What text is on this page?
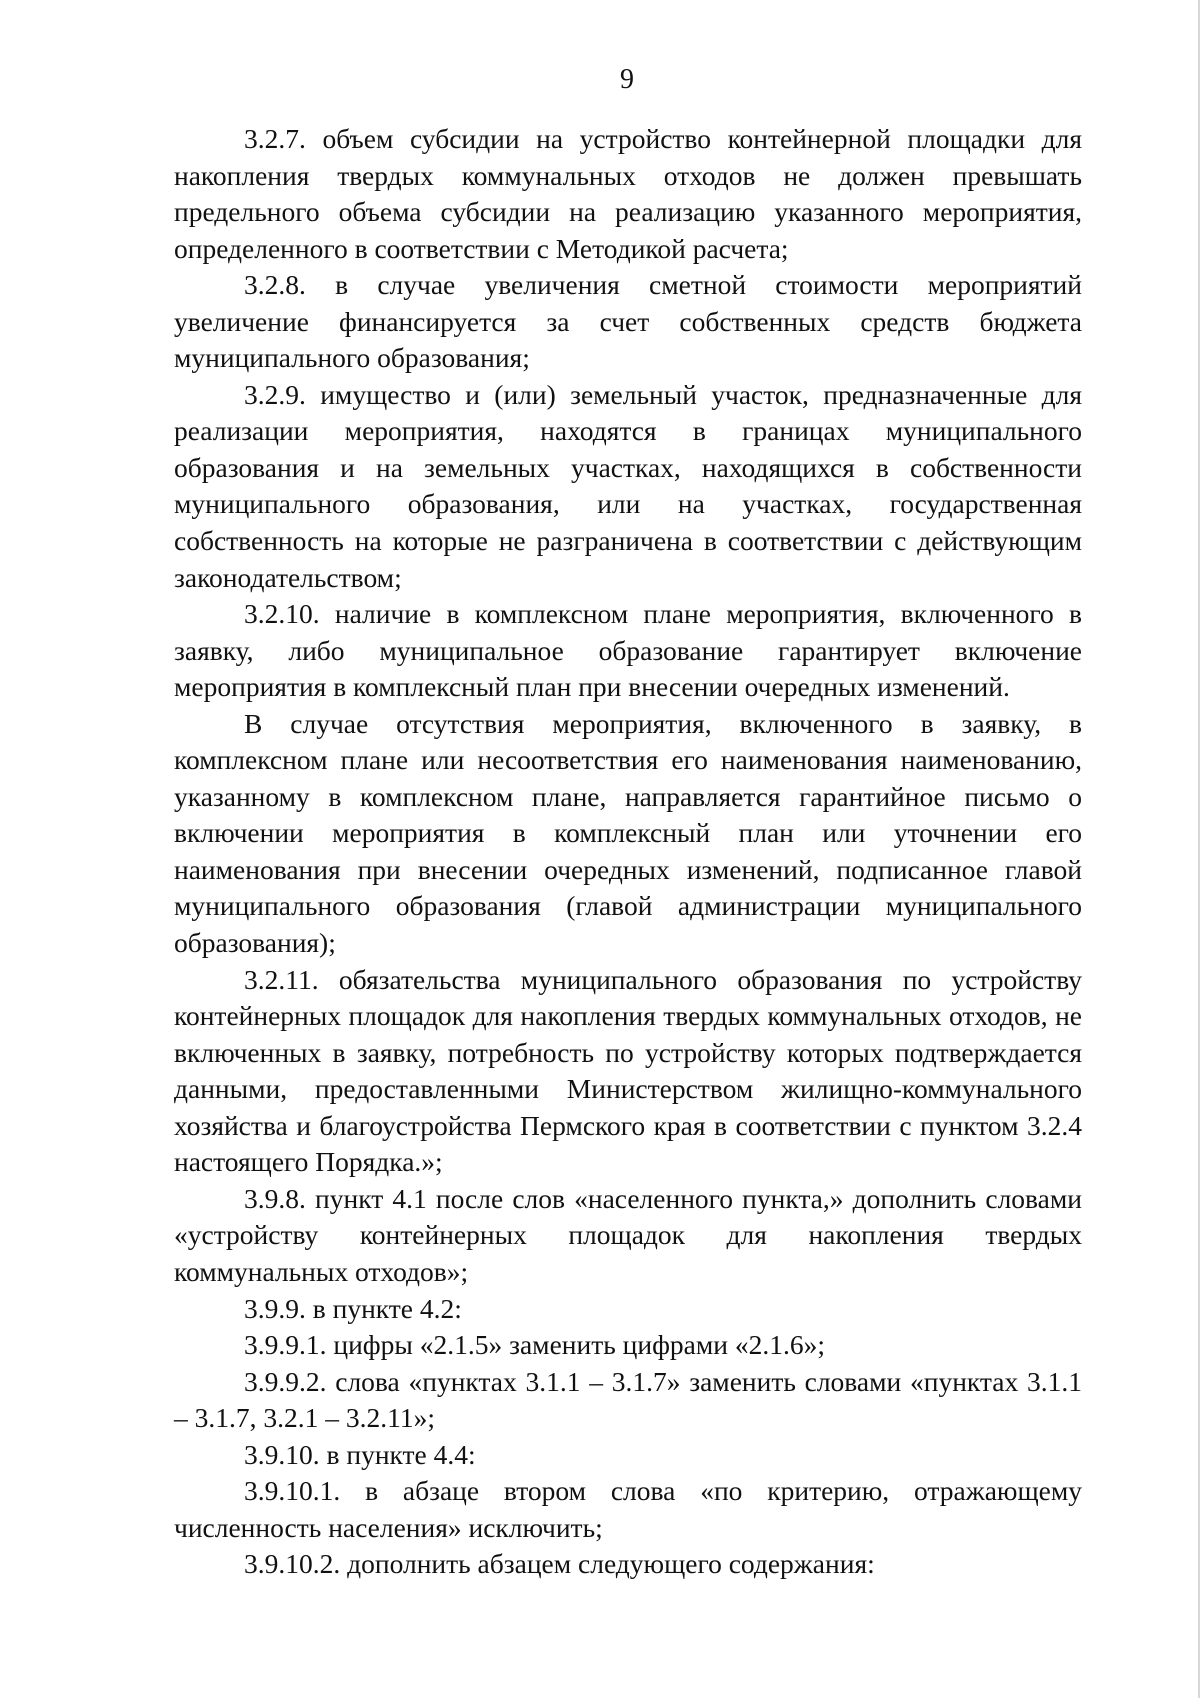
9

3.2.7. объем субсидии на устройство контейнерной площадки для накопления твердых коммунальных отходов не должен превышать предельного объема субсидии на реализацию указанного мероприятия, определенного в соответствии с Методикой расчета;

3.2.8. в случае увеличения сметной стоимости мероприятий увеличение финансируется за счет собственных средств бюджета муниципального образования;

3.2.9. имущество и (или) земельный участок, предназначенные для реализации мероприятия, находятся в границах муниципального образования и на земельных участках, находящихся в собственности муниципального образования, или на участках, государственная собственность на которые не разграничена в соответствии с действующим законодательством;

3.2.10. наличие в комплексном плане мероприятия, включенного в заявку, либо муниципальное образование гарантирует включение мероприятия в комплексный план при внесении очередных изменений.

В случае отсутствия мероприятия, включенного в заявку, в комплексном плане или несоответствия его наименования наименованию, указанному в комплексном плане, направляется гарантийное письмо о включении мероприятия в комплексный план или уточнении его наименования при внесении очередных изменений, подписанное главой муниципального образования (главой администрации муниципального образования);

3.2.11. обязательства муниципального образования по устройству контейнерных площадок для накопления твердых коммунальных отходов, не включенных в заявку, потребность по устройству которых подтверждается данными, предоставленными Министерством жилищно-коммунального хозяйства и благоустройства Пермского края в соответствии с пунктом 3.2.4 настоящего Порядка.»;

3.9.8. пункт 4.1 после слов «населенного пункта,» дополнить словами «устройству контейнерных площадок для накопления твердых коммунальных отходов»;

3.9.9. в пункте 4.2:

3.9.9.1. цифры «2.1.5» заменить цифрами «2.1.6»;

3.9.9.2. слова «пунктах 3.1.1 – 3.1.7» заменить словами «пунктах 3.1.1 – 3.1.7, 3.2.1 – 3.2.11»;

3.9.10. в пункте 4.4:

3.9.10.1. в абзаце втором слова «по критерию, отражающему численность населения» исключить;

3.9.10.2. дополнить абзацем следующего содержания:
